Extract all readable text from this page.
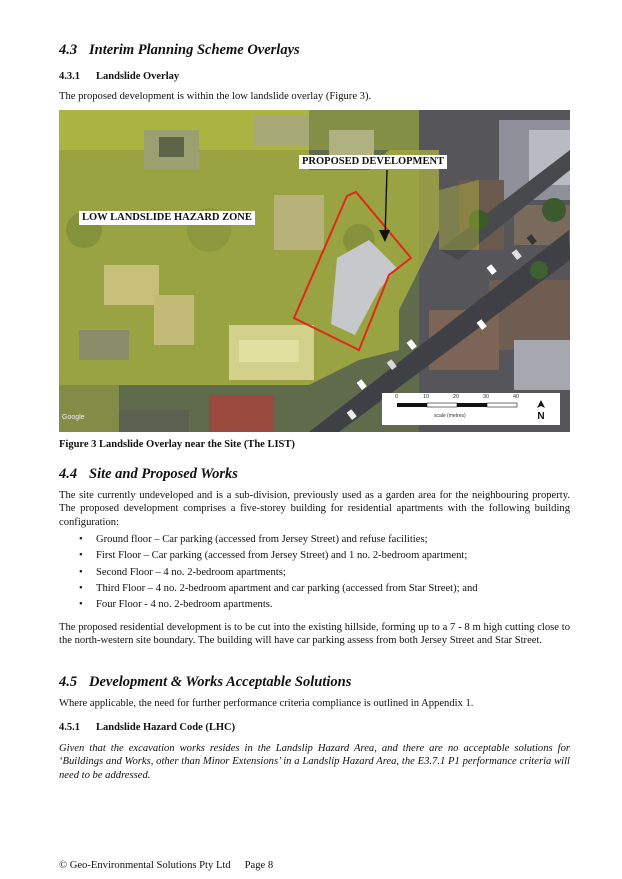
4.3 Interim Planning Scheme Overlays
4.3.1 Landslide Overlay

The proposed development is within the low landslide overlay (Figure 3).

PROPOSED DEVELOPMENT
LOW LANDSLIDE HAZARD ZONE
0	10	20	30	40
scale (metres)	N
Google
Figure 3 Landslide Overlay near the Site (The LIST)
4.4 Site and Proposed Works

The site currently undeveloped and is a sub-division, previously used as a garden area for the neighbouring property. The proposed development comprises a five-storey building for residential apartments with the following building configuration:

• Ground floor – Car parking (accessed from Jersey Street) and refuse facilities;
• First Floor – Car parking (accessed from Jersey Street) and 1 no. 2-bedroom apartment;
• Second Floor – 4 no. 2-bedroom apartments;
• Third Floor – 4 no. 2-bedroom apartment and car parking (accessed from Star Street); and
• Four Floor - 4 no. 2-bedroom apartments.

The proposed residential development is to be cut into the existing hillside, forming up to a 7 - 8 m high cutting close to the north-western site boundary. The building will have car parking assess from both Jersey Street and Star Street.

4.5 Development & Works Acceptable Solutions

Where applicable, the need for further performance criteria compliance is outlined in Appendix 1.

4.5.1 Landslide Hazard Code (LHC)

Given that the excavation works resides in the Landslip Hazard Area, and there are no acceptable solutions for ‘Buildings and Works, other than Minor Extensions’ in a Landslip Hazard Area, the E3.7.1 P1 performance criteria will need to be addressed.

© Geo-Environmental Solutions Pty Ltd Page 8
